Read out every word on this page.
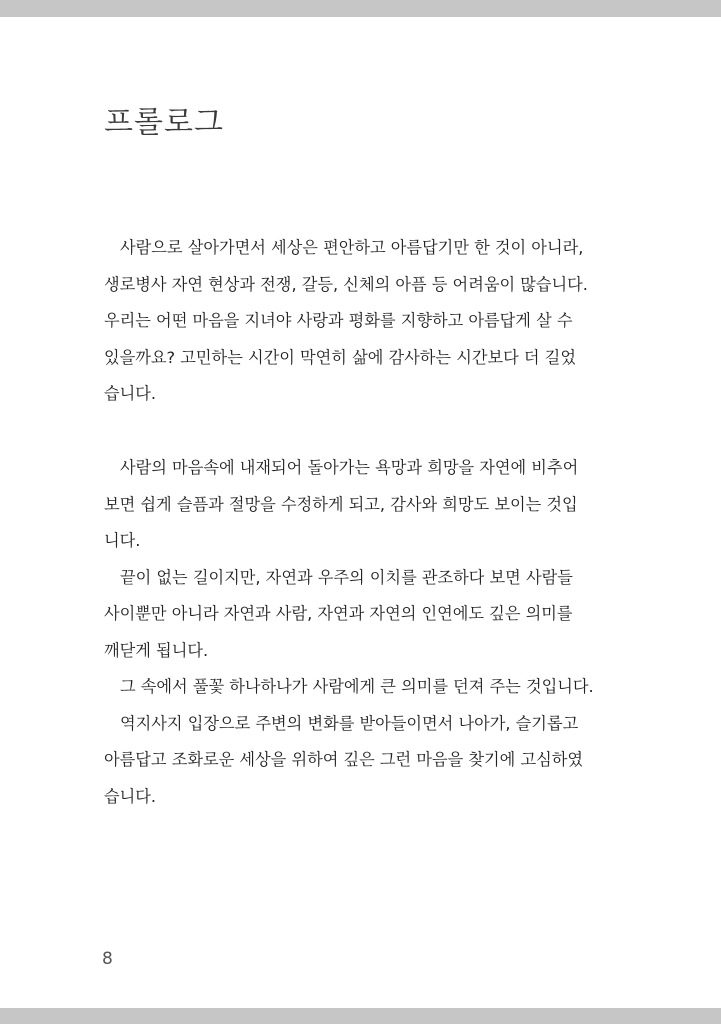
프롤로그
사람으로 살아가면서 세상은 편안하고 아름답기만 한 것이 아니라,
생로병사 자연 현상과 전쟁, 갈등, 신체의 아픔 등 어려움이 많습니다.
우리는 어떤 마음을 지녀야 사랑과 평화를 지향하고 아름답게 살 수
있을까요? 고민하는 시간이 막연히 삶에 감사하는 시간보다 더 길었
습니다.
사람의 마음속에 내재되어 돌아가는 욕망과 희망을 자연에 비추어
보면 쉽게 슬픔과 절망을 수정하게 되고, 감사와 희망도 보이는 것입
니다.
끝이 없는 길이지만, 자연과 우주의 이치를 관조하다 보면 사람들
사이뿐만 아니라 자연과 사람, 자연과 자연의 인연에도 깊은 의미를
깨닫게 됩니다.
그 속에서 풀꽃 하나하나가 사람에게 큰 의미를 던져 주는 것입니다.
역지사지 입장으로 주변의 변화를 받아들이면서 나아가, 슬기롭고
아름답고 조화로운 세상을 위하여 깊은 그런 마음을 찾기에 고심하였
습니다.
8
